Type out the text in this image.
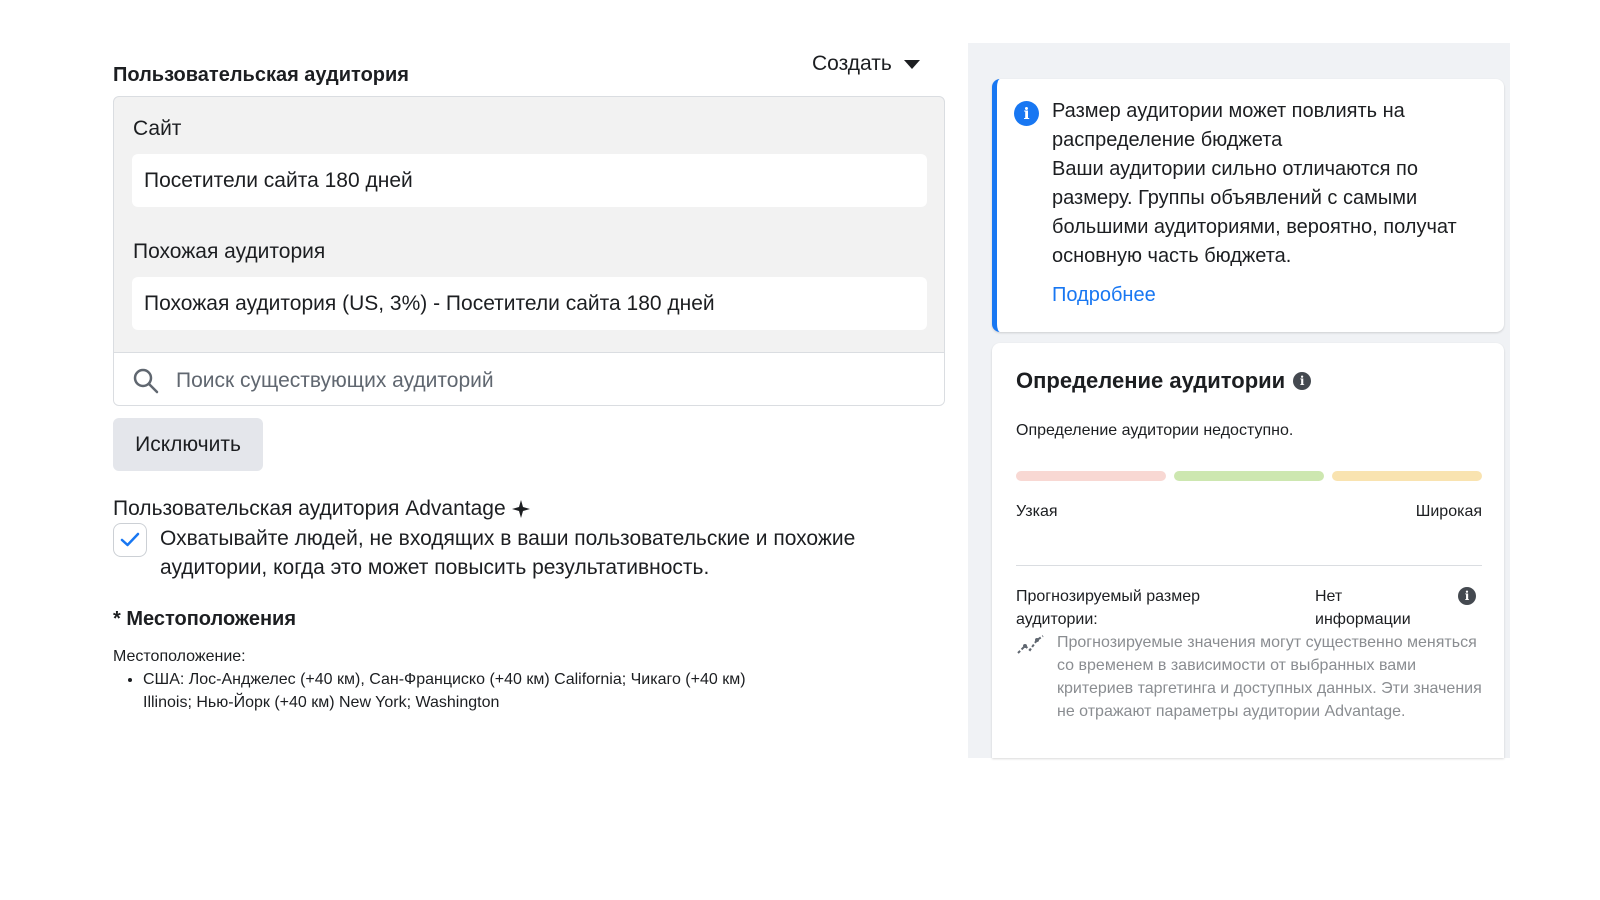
Пользовательская аудитория	Создать
Сайт
Посетители сайта 180 дней
Похожая аудитория
Похожая аудитория (US, 3%) - Посетители сайта 180 дней
Поиск существующих аудиторий
Исключить
Пользовательская аудитория Advantage
Охватывайте людей, не входящих в ваши пользовательские и похожие аудитории, когда это может повысить результативность.
* Местоположения
Местоположение:
• США: Лос-Анджелес (+40 км), Сан-Франциско (+40 км) California; Чикаго (+40 км) Illinois; Нью-Йорк (+40 км) New York; Washington
i	Размер аудитории может повлиять на распределение бюджета
Ваши аудитории сильно отличаются по размеру. Группы объявлений с самыми большими аудиториями, вероятно, получат основную часть бюджета.
Подробнее
Определение аудитории	i
Определение аудитории недоступно.
Узкая	Широкая
Прогнозируемый размер аудитории:
Нет информации
i
Прогнозируемые значения могут существенно меняться со временем в зависимости от выбранных вами критериев таргетинга и доступных данных. Эти значения не отражают параметры аудитории Advantage.
